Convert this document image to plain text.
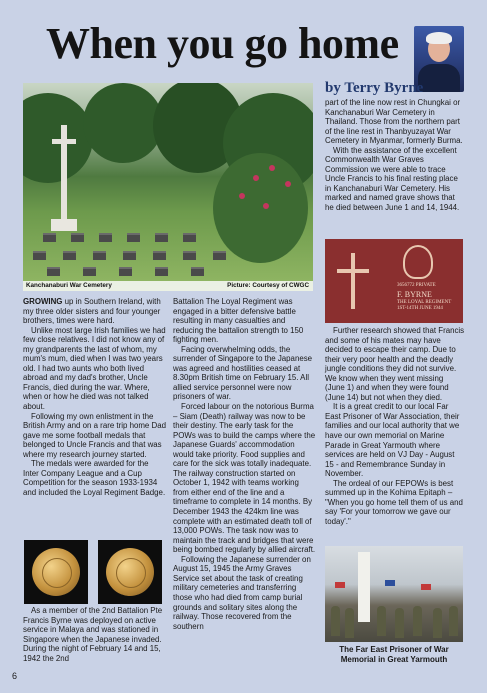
When you go home
by Terry Byrne
Kanchanaburi War Cemetery	Picture: Courtesy of CWGC

GROWING up in Southern Ireland, with my three older sisters and four younger brothers, times were hard.

Unlike most large Irish families we had few close relatives. I did not know any of my grandparents the last of whom, my mum's mum, died when I was two years old. I had two aunts who both lived abroad and my dad's brother, Uncle Francis, died during the war. Where, when or how he died was not talked about.

Following my own enlistment in the British Army and on a rare trip home Dad gave me some football medals that belonged to Uncle Francis and that was where my research journey started.

The medals were awarded for the Inter Company League and a Cup Competition for the season 1933-1934 and included the Loyal Regiment Badge.

As a member of the 2nd Battalion Pte Francis Byrne was deployed on active service in Malaya and was stationed in Singapore when the Japanese invaded. During the night of February 14 and 15, 1942 the 2nd

Battalion The Loyal Regiment was engaged in a bitter defensive battle resulting in many casualties and reducing the battalion strength to 150 fighting men.

Facing overwhelming odds, the surrender of Singapore to the Japanese was agreed and hostilities ceased at 8.30pm British time on February 15. All allied service personnel were now prisoners of war.

Forced labour on the notorious Burma – Siam (Death) railway was now to be their destiny. The early task for the POWs was to build the camps where the Japanese Guards' accommodation would take priority. Food supplies and care for the sick was totally inadequate. The railway construction started on October 1, 1942 with teams working from either end of the line and a timeframe to complete in 14 months. By December 1943 the 424km line was complete with an estimated death toll of 13,000 POWs. The task now was to maintain the track and bridges that were being bombed regularly by allied aircraft.

Following the Japanese surrender on August 15, 1945 the Army Graves Service set about the task of creating military cemeteries and transferring those who had died from camp burial grounds and solitary sites along the railway. Those recovered from the southern

part of the line now rest in Chungkai or Kanchanaburi War Cemetery in Thailand. Those from the northern part of the line rest in Thanbyuzayat War Cemetery in Myanmar, formerly Burma.

With the assistance of the excellent Commonwealth War Graves Commission we were able to trace Uncle Francis to his final resting place in Kanchanaburi War Cemetery. His marked and named grave shows that he died between June 1 and 14, 1944.

3656772 PRIVATE
F. BYRNE
THE LOYAL REGIMENT
1ST-14TH JUNE 1944

Further research showed that Francis and some of his mates may have decided to escape their camp. Due to their very poor health and the deadly jungle conditions they did not survive. We know when they went missing (June 1) and when they were found (June 14) but not when they died.

It is a great credit to our local Far East Prisoner of War Association, their families and our local authority that we have our own memorial on Marine Parade in Great Yarmouth where services are held on VJ Day - August 15 - and Remembrance Sunday in November.

The ordeal of our FEPOWs is best summed up in the Kohima Epitaph – "When you go home tell them of us and say 'For your tomorrow we gave our today'."

The Far East Prisoner of War Memorial in Great Yarmouth
6
